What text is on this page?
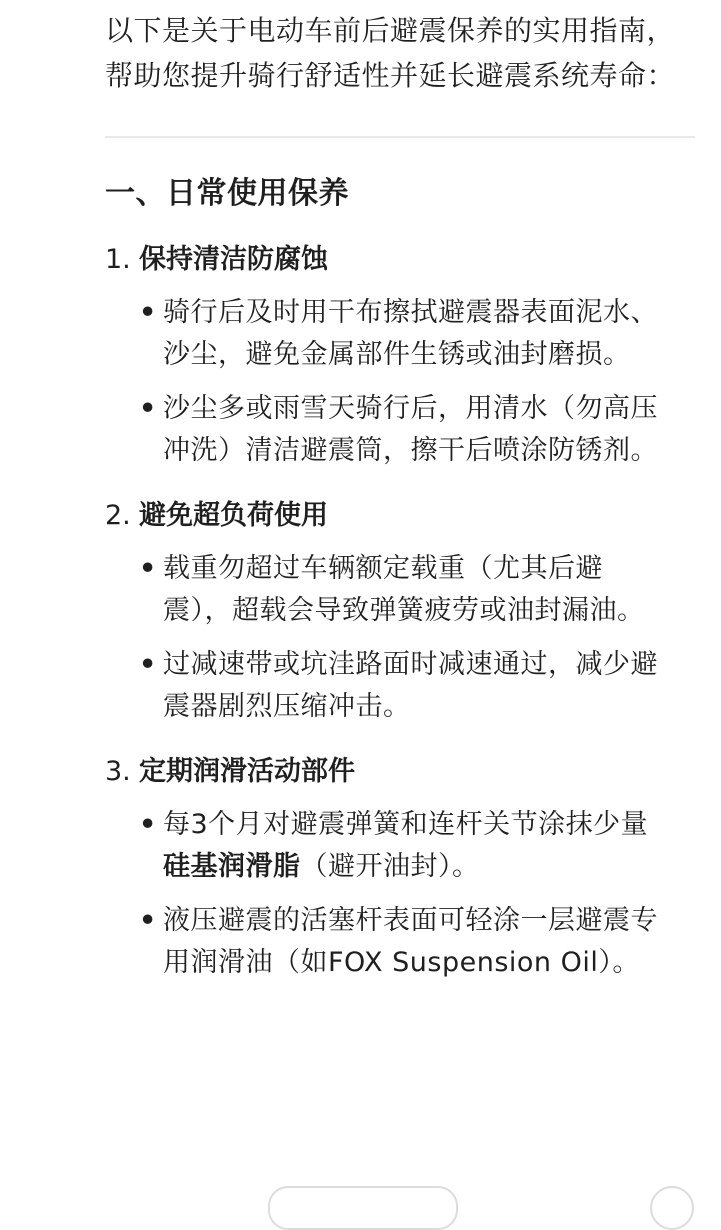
以下是关于电动车前后避震保养的实用指南，帮助您提升骑行舒适性并延长避震系统寿命：

一、日常使用保养
1. 保持清洁防腐蚀
• 骑行后及时用干布擦拭避震器表面泥水、沙尘，避免金属部件生锈或油封磨损。
• 沙尘多或雨雪天骑行后，用清水（勿高压冲洗）清洁避震筒，擦干后喷涂防锈剂。
2. 避免超负荷使用
• 载重勿超过车辆额定载重（尤其后避震），超载会导致弹簧疲劳或油封漏油。
• 过减速带或坑洼路面时减速通过，减少避震器剧烈压缩冲击。
3. 定期润滑活动部件
• 每3个月对避震弹簧和连杆关节涂抹少量硅基润滑脂（避开油封）。
• 液压避震的活塞杆表面可轻涂一层避震专用润滑油（如FOX Suspension Oil）。
